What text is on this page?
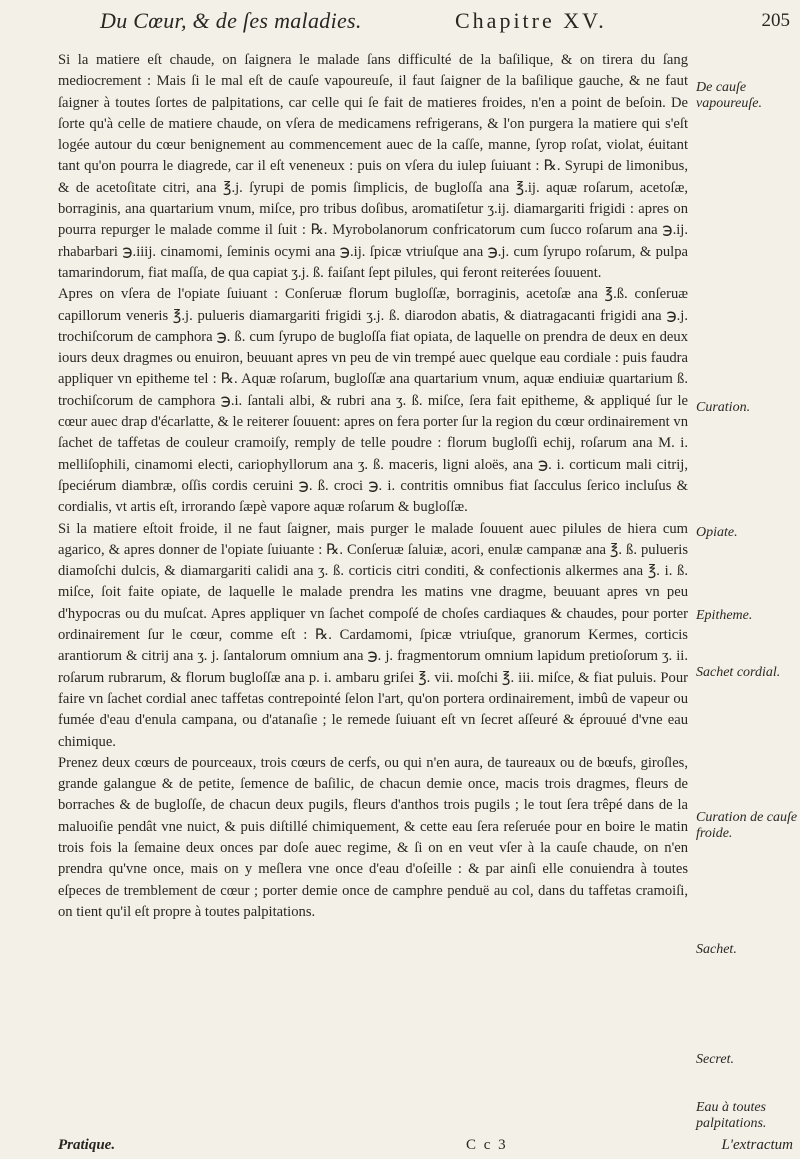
Du Cœur, & de ſes maladies.	Chapitre XV.	205

Si la matiere eſt chaude, on ſaignera le malade ſans difficulté de la baſilique, & on tirera du ſang mediocrement : Mais ſi le mal eſt de cauſe vapoureuſe, il faut ſaigner de la baſilique gauche, & ne faut ſaigner à toutes ſortes de palpitations, car celle qui ſe fait de matieres froides, n'en a point de beſoin. De ſorte qu'à celle de matiere chaude, on vſera de medicamens refrigerans, & l'on purgera la matiere qui s'eſt logée autour du cœur benignement au commencement auec de la caſſe, manne, ſyrop roſat, violat, éuitant tant qu'on pourra le diagrede, car il eſt veneneux : puis on vſera du iulep ſuiuant : ℞. Syrupi de limonibus, & de acetoſitate citri, ana ℥.j. ſyrupi de pomis ſimplicis, de bugloſſa ana ℥.ij. aquæ roſarum, acetoſæ, borraginis, ana quartarium vnum, miſce, pro tribus doſibus, aromatiſetur ʒ.ij. diamargariti frigidi : apres on pourra repurger le malade comme il ſuit : ℞. Myrobolanorum confricatorum cum ſucco roſarum ana ℈.ij. rhabarbari ℈.iiij. cinamomi, ſeminis ocymi ana ℈.ij. ſpicæ vtriuſque ana ℈.j. cum ſyrupo roſarum, & pulpa tamarindorum, fiat maſſa, de qua capiat ʒ.j. ß. faiſant ſept pilules, qui feront reiterées ſouuent.

Apres on vſera de l'opiate ſuiuant : Conſeruæ florum bugloſſæ, borraginis, acetoſæ ana ℥.ß. conſeruæ capillorum veneris ℥.j. pulueris diamargariti frigidi ʒ.j. ß. diarodon abatis, & diatragacanti frigidi ana ℈.j. trochiſcorum de camphora ℈. ß. cum ſyrupo de bugloſſa fiat opiata, de laquelle on prendra de deux en deux iours deux dragmes ou enuiron, beuuant apres vn peu de vin trempé auec quelque eau cordiale : puis faudra appliquer vn epitheme tel : ℞. Aquæ roſarum, bugloſſæ ana quartarium vnum, aquæ endiuiæ quartarium ß. trochiſcorum de camphora ℈.i. ſantali albi, & rubri ana ʒ. ß. miſce, ſera fait epitheme, & appliqué ſur le cœur auec drap d'écarlatte, & le reiterer ſouuent: apres on fera porter ſur la region du cœur ordinairement vn ſachet de taffetas de couleur cramoiſy, remply de telle poudre : florum bugloſſi echij, roſarum ana M. i. melliſophili, cinamomi electi, cariophyllorum ana ʒ. ß. maceris, ligni aloës, ana ℈. i. corticum mali citrij, ſpeciérum diambræ, oſſis cordis ceruini ℈. ß. croci ℈. i. contritis omnibus fiat ſacculus ſerico incluſus & cordialis, vt artis eſt, irrorando ſæpè vapore aquæ roſarum & bugloſſæ.

Si la matiere eſtoit froide, il ne faut ſaigner, mais purger le malade ſouuent auec pilules de hiera cum agarico, & apres donner de l'opiate ſuiuante : ℞. Conſeruæ ſaluiæ, acori, enulæ campanæ ana ℥. ß. pulueris diamoſchi dulcis, & diamargariti calidi ana ʒ. ß. corticis citri conditi, & confectionis alkermes ana ℥. i. ß. miſce, ſoit faite opiate, de laquelle le malade prendra les matins vne dragme, beuuant apres vn peu d'hypocras ou du muſcat. Apres appliquer vn ſachet compoſé de choſes cardiaques & chaudes, pour porter ordinairement ſur le cœur, comme eſt : ℞. Cardamomi, ſpicæ vtriuſque, granorum Kermes, corticis arantiorum & citrij ana ʒ. j. ſantalorum omnium ana ℈. j. fragmentorum omnium lapidum pretioſorum ʒ. ii. roſarum rubrarum, & florum bugloſſæ ana p. i. ambaru griſei ℥. vii. moſchi ℥. iii. miſce, & fiat puluis. Pour faire vn ſachet cordial anec taffetas contrepointé ſelon l'art, qu'on portera ordinairement, imbû de vapeur ou fumée d'eau d'enula campana, ou d'atanaſie ; le remede ſuiuant eſt vn ſecret aſſeuré & éprouué d'vne eau chimique.

Prenez deux cœurs de pourceaux, trois cœurs de cerfs, ou qui n'en aura, de taureaux ou de bœufs, giroſles, grande galangue & de petite, ſemence de baſilic, de chacun demie once, macis trois dragmes, fleurs de borraches & de bugloſſe, de chacun deux pugils, fleurs d'anthos trois pugils ; le tout ſera trêpé dans de la maluoiſie pendât vne nuict, & puis diſtillé chimiquement, & cette eau ſera reſeruée pour en boire le matin trois fois la ſemaine deux onces par doſe auec regime, & ſi on en veut vſer à la cauſe chaude, on n'en prendra qu'vne once, mais on y meſlera vne once d'eau d'oſeille : & par ainſi elle conuiendra à toutes eſpeces de tremblement de cœur ; porter demie once de camphre penduë au col, dans du taffetas cramoiſi, on tient qu'il eſt propre à toutes palpitations.

De cauſe vapoureuſe.
Curation.
Opiate.
Epitheme.
Sachet cordial.
Curation de cauſe froide.
Sachet.
Secret.
Eau à toutes palpitations.
Pratique.	C c 3	L'extractum
